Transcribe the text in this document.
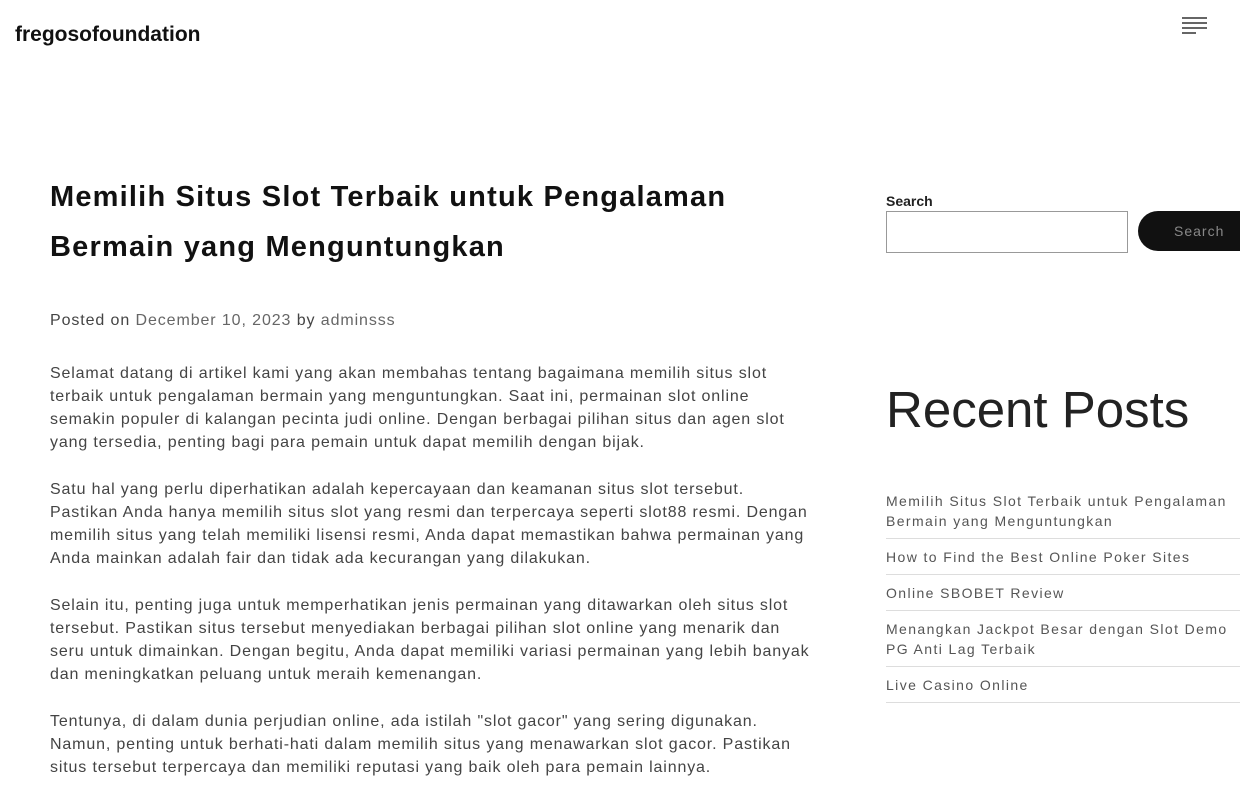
fregosofoundation
Memilih Situs Slot Terbaik untuk Pengalaman
Bermain yang Menguntungkan
Posted on December 10, 2023 by adminsss

Selamat datang di artikel kami yang akan membahas tentang bagaimana memilih situs slot
terbaik untuk pengalaman bermain yang menguntungkan. Saat ini, permainan slot online
semakin populer di kalangan pecinta judi online. Dengan berbagai pilihan situs dan agen slot
yang tersedia, penting bagi para pemain untuk dapat memilih dengan bijak.

Satu hal yang perlu diperhatikan adalah kepercayaan dan keamanan situs slot tersebut.
Pastikan Anda hanya memilih situs slot yang resmi dan terpercaya seperti slot88 resmi. Dengan
memilih situs yang telah memiliki lisensi resmi, Anda dapat memastikan bahwa permainan yang
Anda mainkan adalah fair dan tidak ada kecurangan yang dilakukan.

Selain itu, penting juga untuk memperhatikan jenis permainan yang ditawarkan oleh situs slot
tersebut. Pastikan situs tersebut menyediakan berbagai pilihan slot online yang menarik dan
seru untuk dimainkan. Dengan begitu, Anda dapat memiliki variasi permainan yang lebih banyak
dan meningkatkan peluang untuk meraih kemenangan.

Tentunya, di dalam dunia perjudian online, ada istilah "slot gacor" yang sering digunakan.
Namun, penting untuk berhati-hati dalam memilih situs yang menawarkan slot gacor. Pastikan
situs tersebut terpercaya dan memiliki reputasi yang baik oleh para pemain lainnya.

Search
Search
Recent Posts
Memilih Situs Slot Terbaik untuk Pengalaman
Bermain yang Menguntungkan
How to Find the Best Online Poker Sites
Online SBOBET Review
Menangkan Jackpot Besar dengan Slot Demo
PG Anti Lag Terbaik
Live Casino Online
